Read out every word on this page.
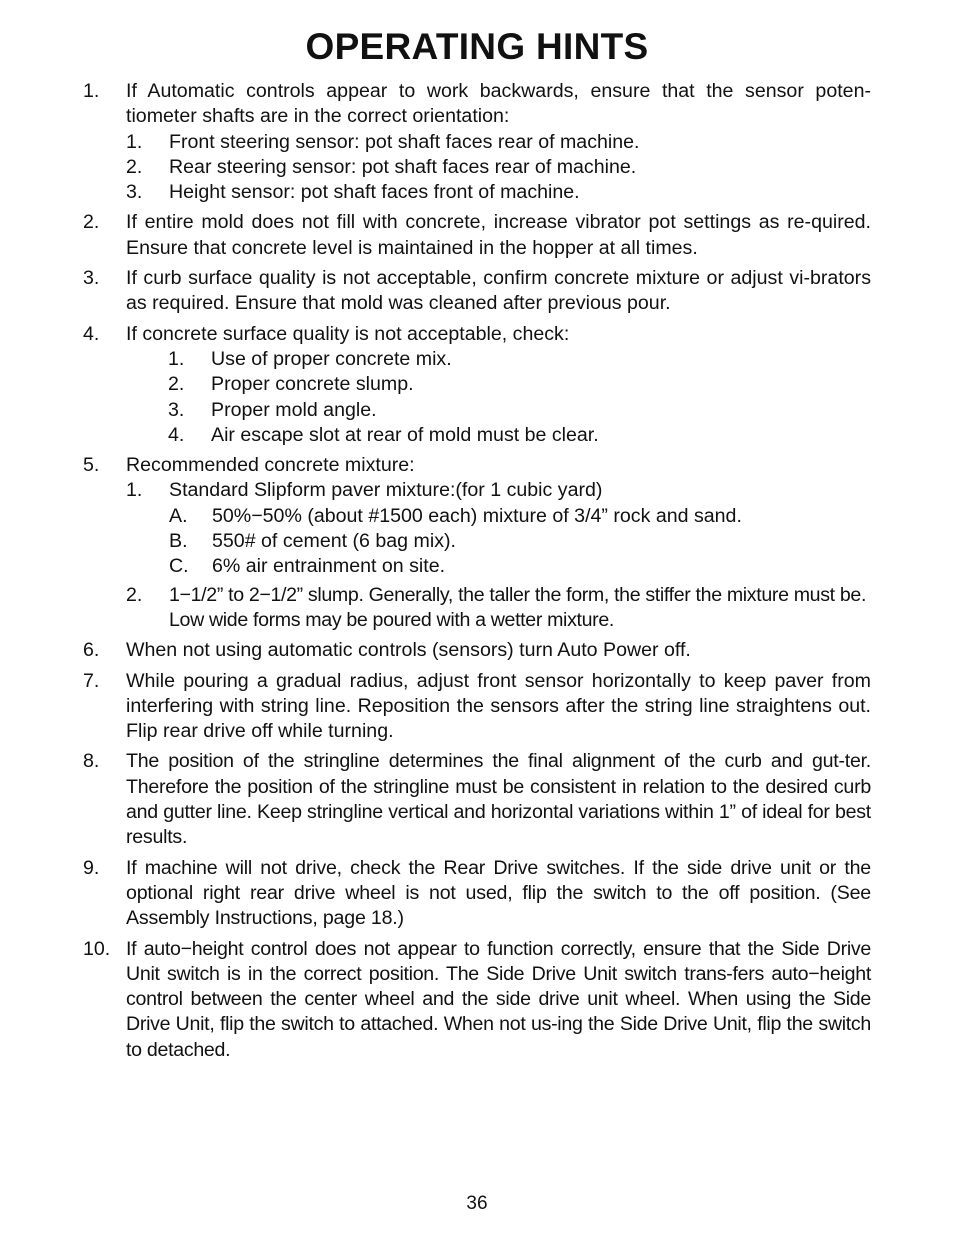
OPERATING HINTS
1. If Automatic controls appear to work backwards, ensure that the sensor poten-tiometer shafts are in the correct orientation:
1. Front steering sensor: pot shaft faces rear of machine.
2. Rear steering sensor: pot shaft faces rear of machine.
3. Height sensor: pot shaft faces front of machine.
2. If entire mold does not fill with concrete, increase vibrator pot settings as re-quired. Ensure that concrete level is maintained in the hopper at all times.
3. If curb surface quality is not acceptable, confirm concrete mixture or adjust vi-brators as required. Ensure that mold was cleaned after previous pour.
4. If concrete surface quality is not acceptable, check:
1. Use of proper concrete mix.
2. Proper concrete slump.
3. Proper mold angle.
4. Air escape slot at rear of mold must be clear.
5. Recommended concrete mixture:
1. Standard Slipform paver mixture:(for 1 cubic yard)
A. 50%−50% (about #1500 each) mixture of 3/4” rock and sand.
B. 550# of cement (6 bag mix).
C. 6% air entrainment on site.
2. 1−1/2” to 2−1/2” slump. Generally, the taller the form, the stiffer the mixture must be. Low wide forms may be poured with a wetter mixture.
6. When not using automatic controls (sensors) turn Auto Power off.
7. While pouring a gradual radius, adjust front sensor horizontally to keep paver from interfering with string line. Reposition the sensors after the string line straightens out. Flip rear drive off while turning.
8. The position of the stringline determines the final alignment of the curb and gut-ter. Therefore the position of the stringline must be consistent in relation to the desired curb and gutter line. Keep stringline vertical and horizontal variations within 1” of ideal for best results.
9. If machine will not drive, check the Rear Drive switches. If the side drive unit or the optional right rear drive wheel is not used, flip the switch to the off position. (See Assembly Instructions, page 18.)
10. If auto−height control does not appear to function correctly, ensure that the Side Drive Unit switch is in the correct position. The Side Drive Unit switch trans-fers auto−height control between the center wheel and the side drive unit wheel. When using the Side Drive Unit, flip the switch to attached. When not us-ing the Side Drive Unit, flip the switch to detached.
36
